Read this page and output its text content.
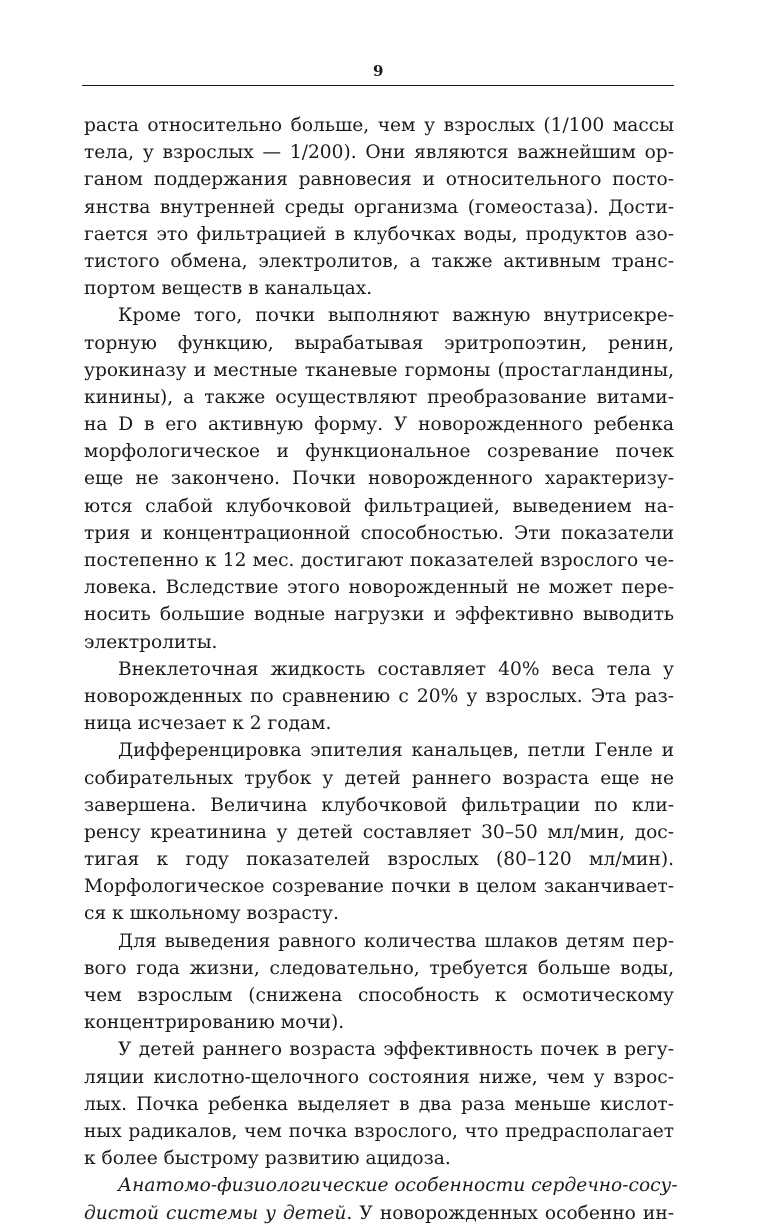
9
раста относительно больше, чем у взрослых (1/100 массы
тела, у взрослых — 1/200). Они являются важнейшим ор-
ганом поддержания равновесия и относительного посто-
янства внутренней среды организма (гомеостаза). Дости-
гается это фильтрацией в клубочках воды, продуктов азо-
тистого обмена, электролитов, а также активным транс-
портом веществ в канальцах.
Кроме того, почки выполняют важную внутрисекре-
торную функцию, вырабатывая эритропоэтин, ренин,
урокиназу и местные тканевые гормоны (простагландины,
кинины), а также осуществляют преобразование витами-
на D в его активную форму. У новорожденного ребенка
морфологическое и функциональное созревание почек
еще не закончено. Почки новорожденного характеризу-
ются слабой клубочковой фильтрацией, выведением на-
трия и концентрационной способностью. Эти показатели
постепенно к 12 мес. достигают показателей взрослого че-
ловека. Вследствие этого новорожденный не может пере-
носить большие водные нагрузки и эффективно выводить
электролиты.
Внеклеточная жидкость составляет 40% веса тела у
новорожденных по сравнению с 20% у взрослых. Эта раз-
ница исчезает к 2 годам.
Дифференцировка эпителия канальцев, петли Генле и
собирательных трубок у детей раннего возраста еще не
завершена. Величина клубочковой фильтрации по кли-
ренсу креатинина у детей составляет 30–50 мл/мин, дос-
тигая к году показателей взрослых (80–120 мл/мин).
Морфологическое созревание почки в целом заканчивает-
ся к школьному возрасту.
Для выведения равного количества шлаков детям пер-
вого года жизни, следовательно, требуется больше воды,
чем взрослым (снижена способность к осмотическому
концентрированию мочи).
У детей раннего возраста эффективность почек в регу-
ляции кислотно-щелочного состояния ниже, чем у взрос-
лых. Почка ребенка выделяет в два раза меньше кислот-
ных радикалов, чем почка взрослого, что предрасполагает
к более быстрому развитию ацидоза.
Анатомо-физиологические особенности сердечно-сосу-
дистой системы у детей. У новорожденных особенно ин-
